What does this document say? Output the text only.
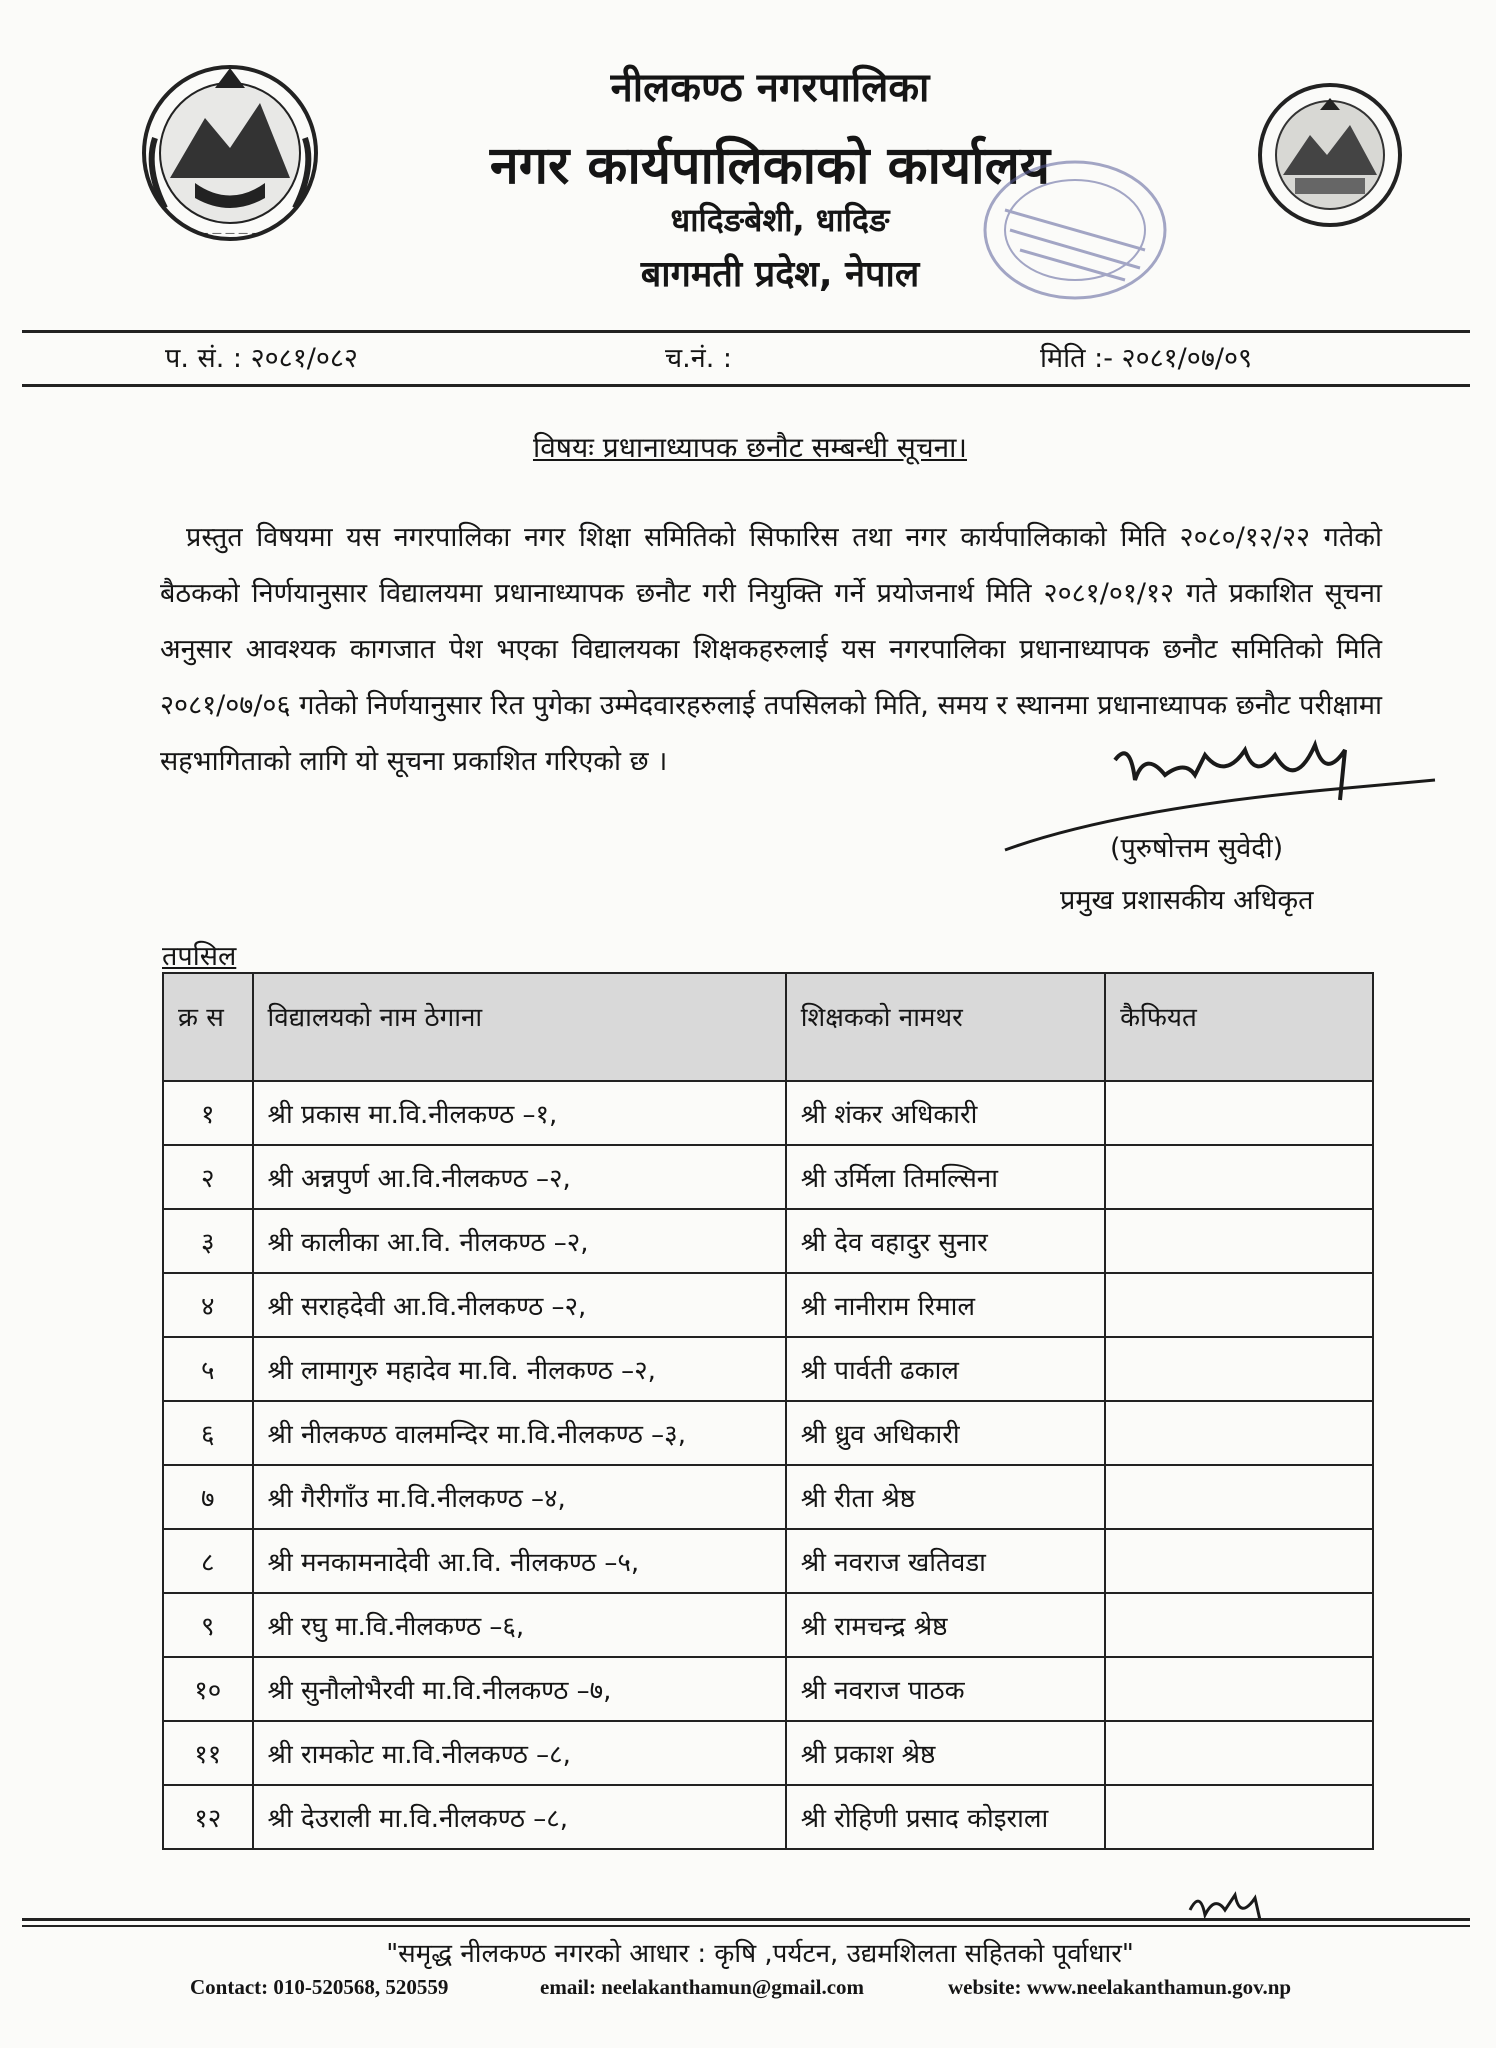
— — — — —
नीलकण्ठ नगरपालिका
नगर कार्यपालिकाको कार्यालय
धादिङबेशी, धादिङ
बागमती प्रदेश, नेपाल
प. सं. : २०८१/०८२	च.नं. :	मिति :- २०८१/०७/०९
विषयः प्रधानाध्यापक छनौट सम्बन्धी सूचना।
प्रस्तुत विषयमा यस नगरपालिका नगर शिक्षा समितिको सिफारिस तथा नगर कार्यपालिकाको मिति २०८०/१२/२२ गतेको बैठकको निर्णयानुसार विद्यालयमा प्रधानाध्यापक छनौट गरी नियुक्ति गर्ने प्रयोजनार्थ मिति २०८१/०१/१२ गते प्रकाशित सूचना अनुसार आवश्यक कागजात पेश भएका विद्यालयका शिक्षकहरुलाई यस नगरपालिका प्रधानाध्यापक छनौट समितिको मिति २०८१/०७/०६ गतेको निर्णयानुसार रित पुगेका उम्मेदवारहरुलाई तपसिलको मिति, समय र स्थानमा प्रधानाध्यापक छनौट परीक्षामा सहभागिताको लागि यो सूचना प्रकाशित गरिएको छ ।
(पुरुषोत्तम सुवेदी)
प्रमुख प्रशासकीय अधिकृत
तपसिल
क्र स	विद्यालयको नाम ठेगाना	शिक्षकको नामथर	कैफियत
१	श्री प्रकास मा.वि.नीलकण्ठ –१,	श्री शंकर अधिकारी	
२	श्री अन्नपुर्ण आ.वि.नीलकण्ठ –२,	श्री उर्मिला तिमल्सिना	
३	श्री कालीका आ.वि. नीलकण्ठ –२,	श्री देव वहादुर सुनार	
४	श्री सराहदेवी आ.वि.नीलकण्ठ –२,	श्री नानीराम रिमाल	
५	श्री लामागुरु महादेव मा.वि. नीलकण्ठ –२,	श्री पार्वती ढकाल	
६	श्री नीलकण्ठ वालमन्दिर मा.वि.नीलकण्ठ –३,	श्री ध्रुव अधिकारी	
७	श्री गैरीगाँउ मा.वि.नीलकण्ठ –४,	श्री रीता श्रेष्ठ	
८	श्री मनकामनादेवी आ.वि. नीलकण्ठ –५,	श्री नवराज खतिवडा	
९	श्री रघु मा.वि.नीलकण्ठ –६,	श्री रामचन्द्र श्रेष्ठ	
१०	श्री सुनौलोभैरवी मा.वि.नीलकण्ठ –७,	श्री नवराज पाठक	
११	श्री रामकोट मा.वि.नीलकण्ठ –८,	श्री प्रकाश श्रेष्ठ	
१२	श्री देउराली मा.वि.नीलकण्ठ –८,	श्री रोहिणी प्रसाद कोइराला	
"समृद्ध नीलकण्ठ नगरको आधार : कृषि ,पर्यटन, उद्यमशिलता सहितको पूर्वाधार"
Contact: 010-520568, 520559	email: neelakanthamun@gmail.com	website: www.neelakanthamun.gov.np
